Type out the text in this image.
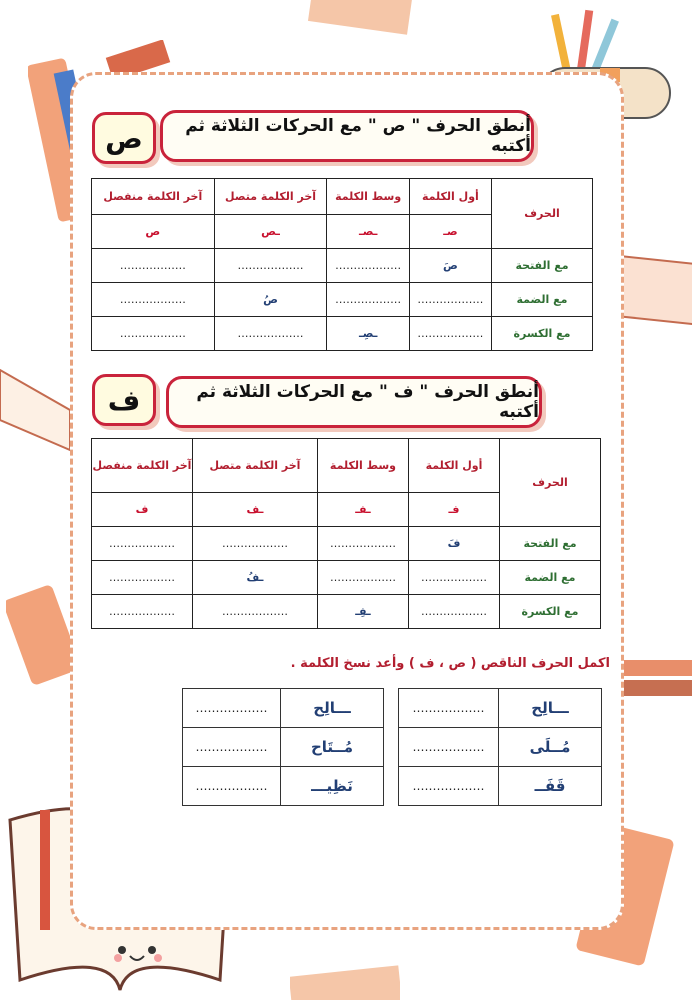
ص	أنطق الحرف " ص " مع الحركات الثلاثة ثم أكتبه
الحرف	أول الكلمة	وسط الكلمة	آخر الكلمة متصل	آخر الكلمة منفصل
	صـ	ـصـ	ـص	ص
مع الفتحة	صَ	………………	………………	………………
مع الضمة	………………	………………	صُ	………………
مع الكسرة	………………	ـصِـ	………………	………………
ف	أنطق الحرف " ف " مع الحركات الثلاثة ثم أكتبه
الحرف	أول الكلمة	وسط الكلمة	آخر الكلمة متصل	آخر الكلمة منفصل
	فـ	ـفـ	ـف	ف
مع الفتحة	فَ	………………	………………	………………
مع الضمة	………………	………………	ـفُ	………………
مع الكسرة	………………	ـفِـ	………………	………………
اكمل الحرف الناقص ( ص ، ف ) وأعد نسخ الكلمة .
ـــالِح	………………
مُــلَى	………………
قَفَــ	………………
ـــالِح	………………
مُــتَاح	………………
نَظِيـــ	………………
